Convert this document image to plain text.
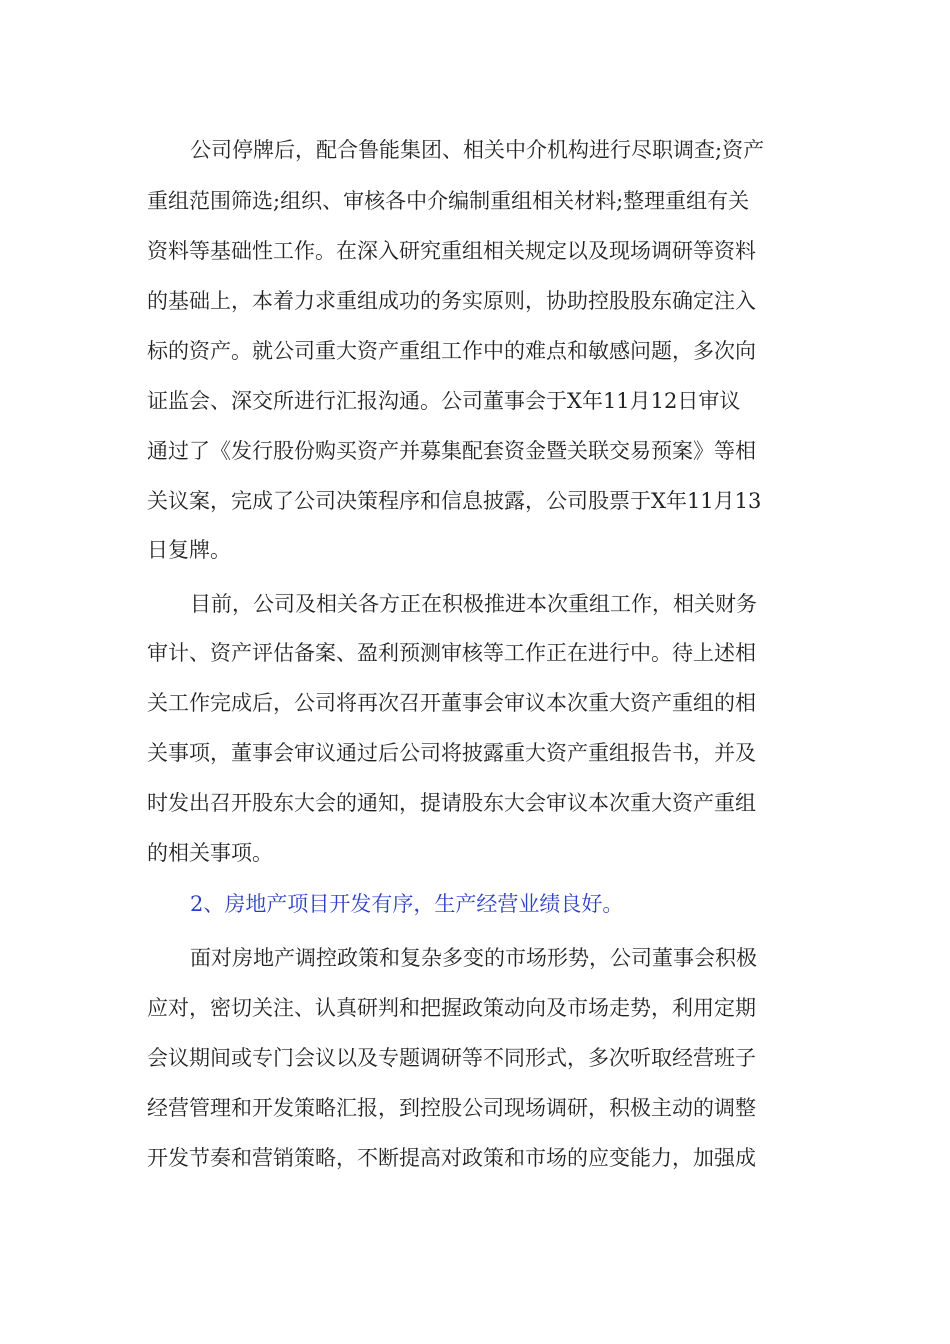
公司停牌后，配合鲁能集团、相关中介机构进行尽职调查;资产
重组范围筛选;组织、审核各中介编制重组相关材料;整理重组有关
资料等基础性工作。在深入研究重组相关规定以及现场调研等资料
的基础上，本着力求重组成功的务实原则，协助控股股东确定注入
标的资产。就公司重大资产重组工作中的难点和敏感问题，多次向
证监会、深交所进行汇报沟通。公司董事会于X年11月12日审议
通过了《发行股份购买资产并募集配套资金暨关联交易预案》等相
关议案，完成了公司决策程序和信息披露，公司股票于X年11月13
日复牌。
目前，公司及相关各方正在积极推进本次重组工作，相关财务
审计、资产评估备案、盈利预测审核等工作正在进行中。待上述相
关工作完成后，公司将再次召开董事会审议本次重大资产重组的相
关事项，董事会审议通过后公司将披露重大资产重组报告书，并及
时发出召开股东大会的通知，提请股东大会审议本次重大资产重组
的相关事项。
2、房地产项目开发有序，生产经营业绩良好。
面对房地产调控政策和复杂多变的市场形势，公司董事会积极
应对，密切关注、认真研判和把握政策动向及市场走势，利用定期
会议期间或专门会议以及专题调研等不同形式，多次听取经营班子
经营管理和开发策略汇报，到控股公司现场调研，积极主动的调整
开发节奏和营销策略，不断提高对政策和市场的应变能力，加强成
